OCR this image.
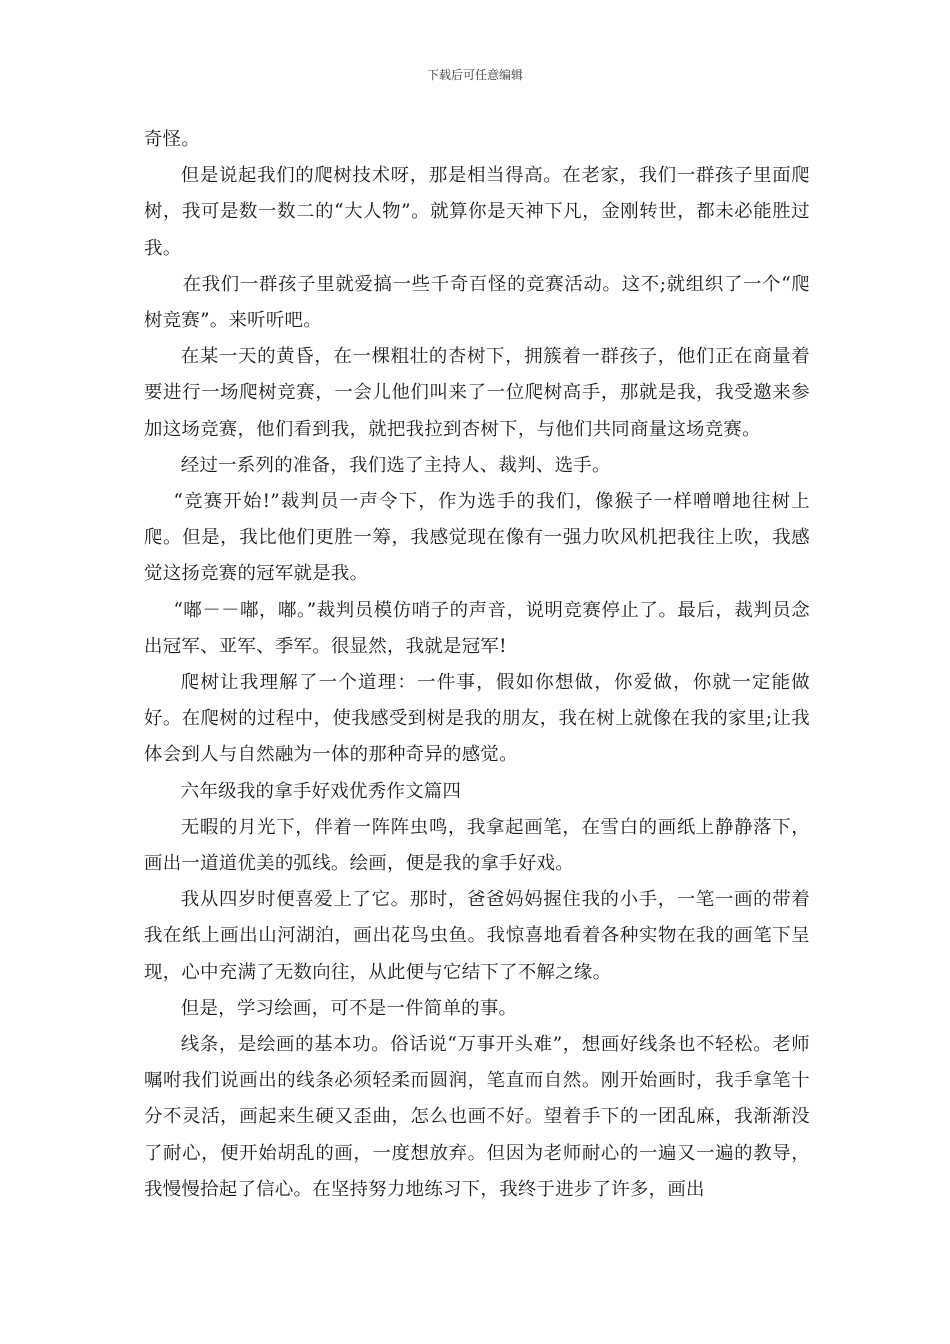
下载后可任意编辑

奇怪。

但是说起我们的爬树技术呀，那是相当得高。在老家，我们一群孩子里面爬树，我可是数一数二的“大人物”。就算你是天神下凡，金刚转世，都未必能胜过我。

在我们一群孩子里就爱搞一些千奇百怪的竞赛活动。这不;就组织了一个“爬树竞赛”。来听听吧。

在某一天的黄昏，在一棵粗壮的杏树下，拥簇着一群孩子，他们正在商量着要进行一场爬树竞赛，一会儿他们叫来了一位爬树高手，那就是我，我受邀来参加这场竞赛，他们看到我，就把我拉到杏树下，与他们共同商量这场竞赛。

经过一系列的准备，我们选了主持人、裁判、选手。

“竞赛开始!”裁判员一声令下，作为选手的我们，像猴子一样噌噌地往树上爬。但是，我比他们更胜一筹，我感觉现在像有一强力吹风机把我往上吹，我感觉这扬竞赛的冠军就是我。

“嘟－－嘟，嘟。”裁判员模仿哨子的声音，说明竞赛停止了。最后，裁判员念出冠军、亚军、季军。很显然，我就是冠军!

爬树让我理解了一个道理：一件事，假如你想做，你爱做，你就一定能做好。在爬树的过程中，使我感受到树是我的朋友，我在树上就像在我的家里;让我体会到人与自然融为一体的那种奇异的感觉。

六年级我的拿手好戏优秀作文篇四

无暇的月光下，伴着一阵阵虫鸣，我拿起画笔，在雪白的画纸上静静落下，画出一道道优美的弧线。绘画，便是我的拿手好戏。

我从四岁时便喜爱上了它。那时，爸爸妈妈握住我的小手，一笔一画的带着我在纸上画出山河湖泊，画出花鸟虫鱼。我惊喜地看着各种实物在我的画笔下呈现，心中充满了无数向往，从此便与它结下了不解之缘。

但是，学习绘画，可不是一件简单的事。

线条，是绘画的基本功。俗话说“万事开头难”，想画好线条也不轻松。老师嘱咐我们说画出的线条必须轻柔而圆润，笔直而自然。刚开始画时，我手拿笔十分不灵活，画起来生硬又歪曲，怎么也画不好。望着手下的一团乱麻，我渐渐没了耐心，便开始胡乱的画，一度想放弃。但因为老师耐心的一遍又一遍的教导，我慢慢拾起了信心。在坚持努力地练习下，我终于进步了许多，画出
